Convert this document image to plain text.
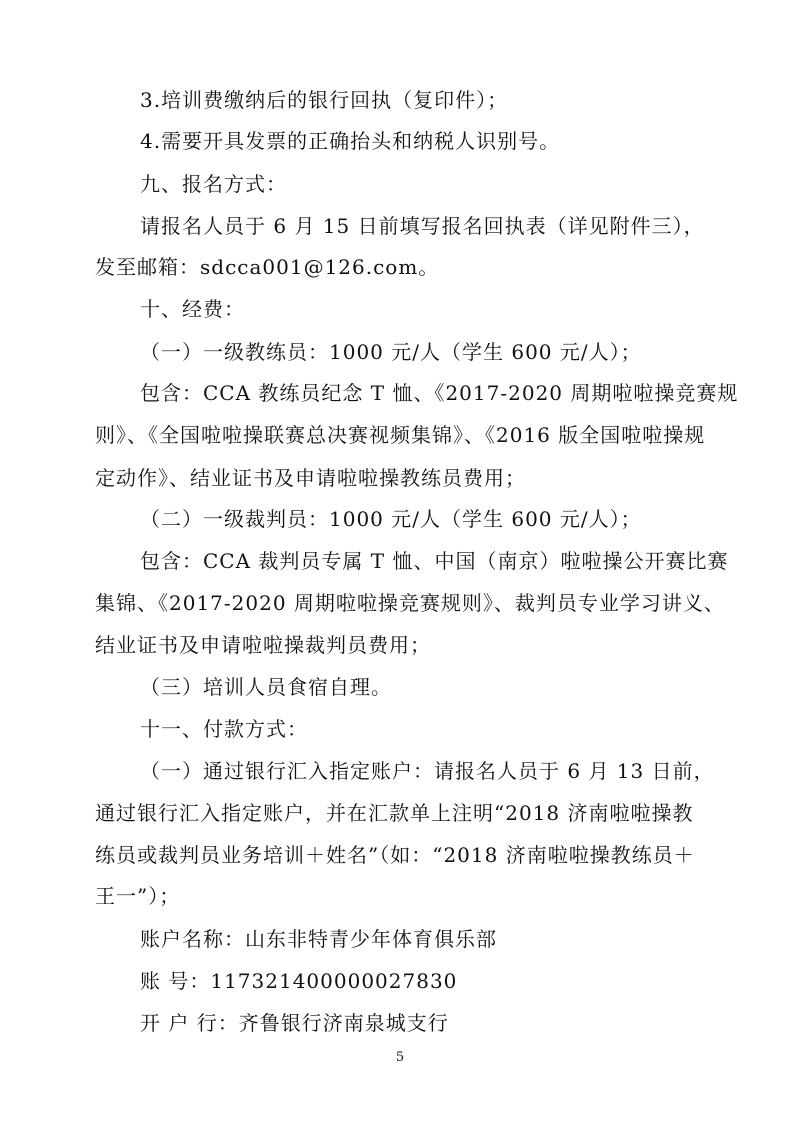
3.培训费缴纳后的银行回执（复印件）；
4.需要开具发票的正确抬头和纳税人识别号。
九、报名方式：
请报名人员于 6 月 15 日前填写报名回执表（详见附件三），
发至邮箱：sdcca001@126.com。
十、经费：
（一）一级教练员：1000 元/人（学生 600 元/人）；
包含：CCA 教练员纪念 T 恤、《2017-2020 周期啦啦操竞赛规
则》、《全国啦啦操联赛总决赛视频集锦》、《2016 版全国啦啦操规
定动作》、结业证书及申请啦啦操教练员费用；
（二）一级裁判员：1000 元/人（学生 600 元/人）；
包含：CCA 裁判员专属 T 恤、中国（南京）啦啦操公开赛比赛
集锦、《2017-2020 周期啦啦操竞赛规则》、裁判员专业学习讲义、
结业证书及申请啦啦操裁判员费用；
（三）培训人员食宿自理。
十一、付款方式：
（一）通过银行汇入指定账户：请报名人员于 6 月 13 日前，
通过银行汇入指定账户，并在汇款单上注明“2018 济南啦啦操教
练员或裁判员业务培训＋姓名”（如：“2018 济南啦啦操教练员＋
王一”）；
账户名称：山东非特青少年体育俱乐部
账 号：117321400000027830
开 户 行：齐鲁银行济南泉城支行
5
